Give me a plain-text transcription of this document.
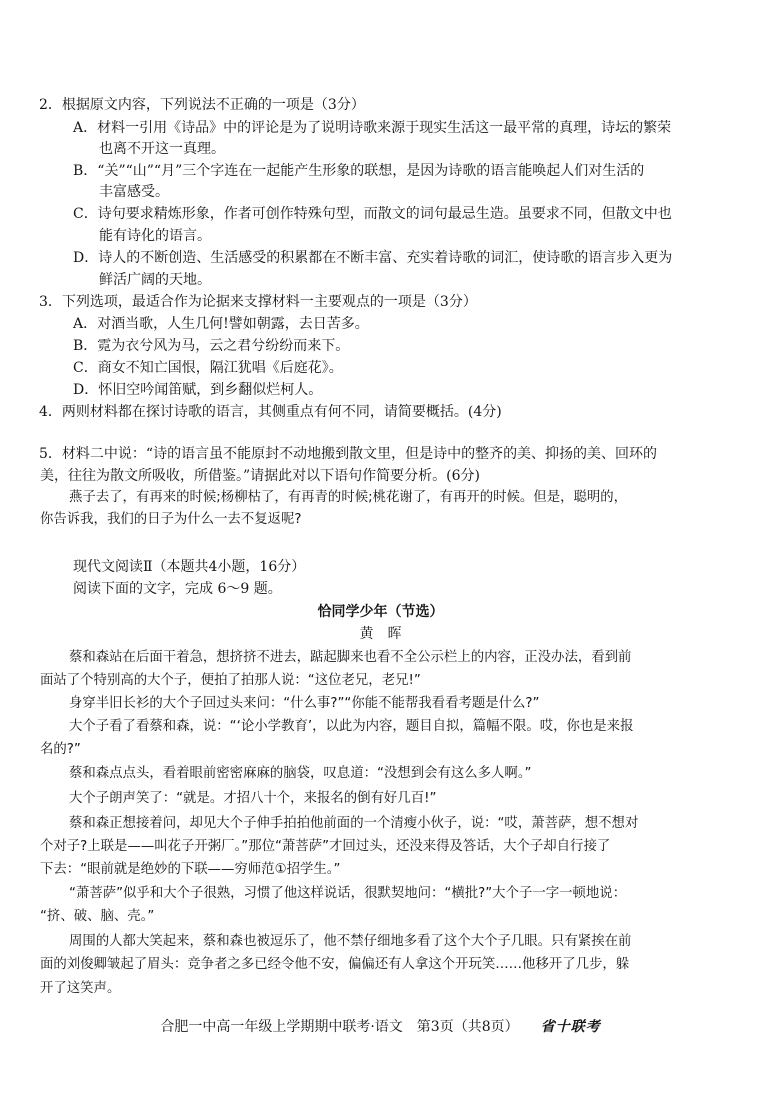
2．根据原文内容，下列说法不正确的一项是（3分）
A．材料一引用《诗品》中的评论是为了说明诗歌来源于现实生活这一最平常的真理，诗坛的繁荣
也离不开这一真理。
B．“关”“山”“月”三个字连在一起能产生形象的联想，是因为诗歌的语言能唤起人们对生活的
丰富感受。
C．诗句要求精炼形象，作者可创作特殊句型，而散文的词句最忌生造。虽要求不同，但散文中也
能有诗化的语言。
D．诗人的不断创造、生活感受的积累都在不断丰富、充实着诗歌的词汇，使诗歌的语言步入更为
鲜活广阔的天地。
3．下列选项，最适合作为论据来支撑材料一主要观点的一项是（3分）
A．对酒当歌，人生几何!譬如朝露，去日苦多。
B．霓为衣兮风为马，云之君兮纷纷而来下。
C．商女不知亡国恨，隔江犹唱《后庭花》。
D．怀旧空吟闻笛赋，到乡翻似烂柯人。
4．两则材料都在探讨诗歌的语言，其侧重点有何不同，请简要概括。(4分)
5．材料二中说：“诗的语言虽不能原封不动地搬到散文里，但是诗中的整齐的美、抑扬的美、回环的
美，往往为散文所吸收，所借鉴。”请据此对以下语句作简要分析。(6分)
燕子去了，有再来的时候;杨柳枯了，有再青的时候;桃花谢了，有再开的时候。但是，聪明的，
你告诉我，我们的日子为什么一去不复返呢?
现代文阅读Ⅱ（本题共4小题，16分）
阅读下面的文字，完成 6～9 题。
恰同学少年（节选）
黄　晖
蔡和森站在后面干着急，想挤挤不进去，踮起脚来也看不全公示栏上的内容，正没办法，看到前
面站了个特别高的大个子，便拍了拍那人说：“这位老兄，老兄!”
身穿半旧长衫的大个子回过头来问：“什么事?”“你能不能帮我看看考题是什么?”
大个子看了看蔡和森，说：“‘论小学教育’，以此为内容，题目自拟，篇幅不限。哎，你也是来报
名的?”
蔡和森点点头，看着眼前密密麻麻的脑袋，叹息道：“没想到会有这么多人啊。”
大个子朗声笑了：“就是。才招八十个，来报名的倒有好几百!”
蔡和森正想接着问，却见大个子伸手拍拍他前面的一个清瘦小伙子，说：“哎，萧菩萨，想不想对
个对子?上联是——叫花子开粥厂。”那位“萧菩萨”才回过头，还没来得及答话，大个子却自行接了
下去：“眼前就是绝妙的下联——穷师范①招学生。”
“萧菩萨”似乎和大个子很熟，习惯了他这样说话，很默契地问：“横批?”大个子一字一顿地说：
“挤、破、脑、壳。”
周围的人都大笑起来，蔡和森也被逗乐了，他不禁仔细地多看了这个大个子几眼。只有紧挨在前
面的刘俊卿皱起了眉头：竞争者之多已经令他不安，偏偏还有人拿这个开玩笑……他移开了几步，躲
开了这笑声。
合肥一中高一年级上学期期中联考·语文　第3页（共8页） 省十联考
